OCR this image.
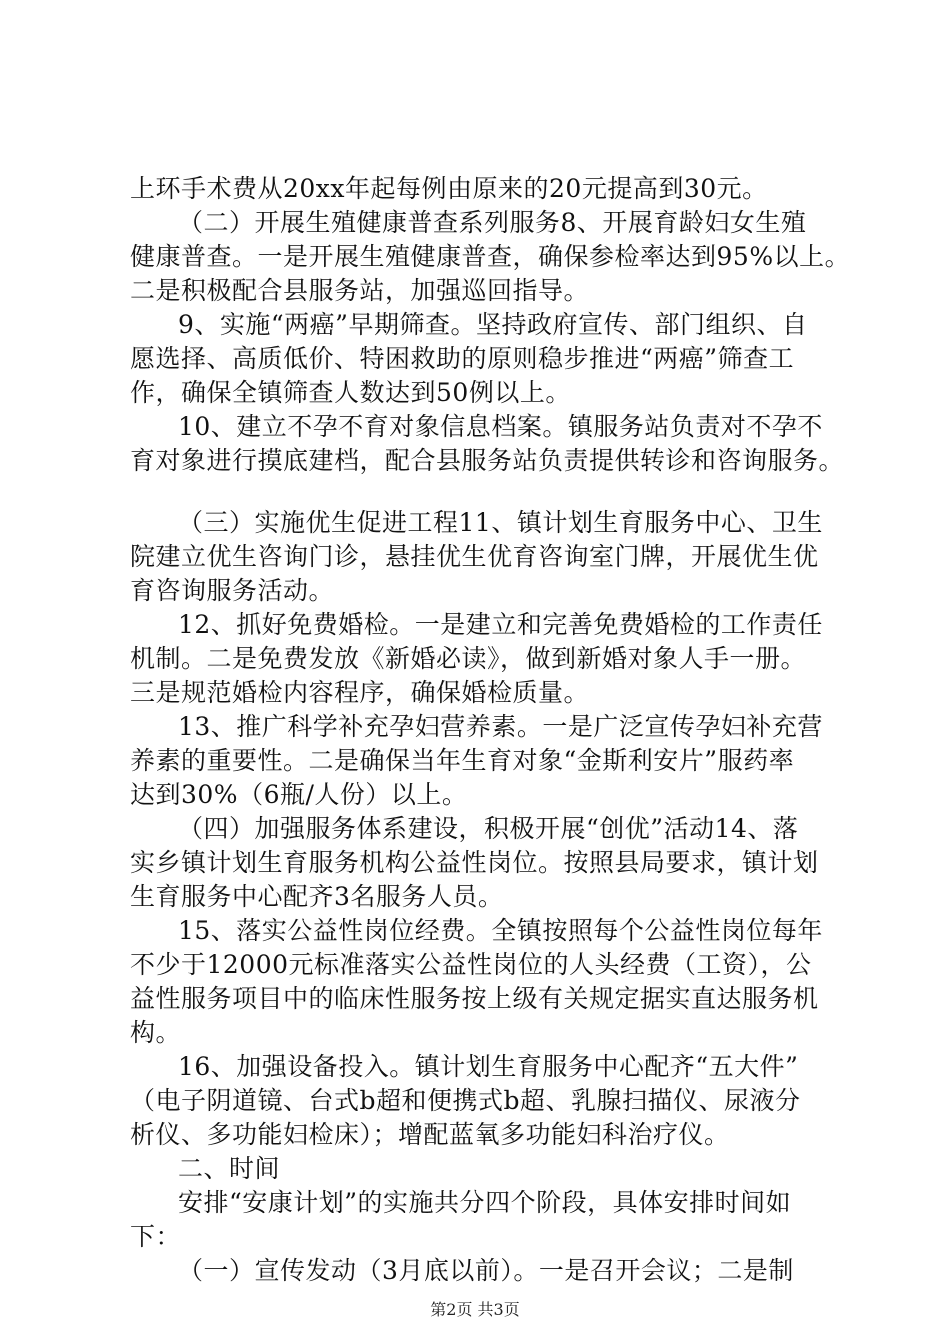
上环手术费从20xx年起每例由原来的20元提高到30元。
（二）开展生殖健康普查系列服务8、开展育龄妇女生殖
健康普查。一是开展生殖健康普查，确保参检率达到95%以上。
二是积极配合县服务站，加强巡回指导。
9、实施“两癌”早期筛查。坚持政府宣传、部门组织、自
愿选择、高质低价、特困救助的原则稳步推进“两癌”筛查工
作，确保全镇筛查人数达到50例以上。
10、建立不孕不育对象信息档案。镇服务站负责对不孕不
育对象进行摸底建档，配合县服务站负责提供转诊和咨询服务。
（三）实施优生促进工程11、镇计划生育服务中心、卫生
院建立优生咨询门诊，悬挂优生优育咨询室门牌，开展优生优
育咨询服务活动。
12、抓好免费婚检。一是建立和完善免费婚检的工作责任
机制。二是免费发放《新婚必读》，做到新婚对象人手一册。
三是规范婚检内容程序，确保婚检质量。
13、推广科学补充孕妇营养素。一是广泛宣传孕妇补充营
养素的重要性。二是确保当年生育对象“金斯利安片”服药率
达到30%（6瓶/人份）以上。
（四）加强服务体系建设，积极开展“创优”活动14、落
实乡镇计划生育服务机构公益性岗位。按照县局要求，镇计划
生育服务中心配齐3名服务人员。
15、落实公益性岗位经费。全镇按照每个公益性岗位每年
不少于12000元标准落实公益性岗位的人头经费（工资），公
益性服务项目中的临床性服务按上级有关规定据实直达服务机
构。
16、加强设备投入。镇计划生育服务中心配齐“五大件”
（电子阴道镜、台式b超和便携式b超、乳腺扫描仪、尿液分
析仪、多功能妇检床）；增配蓝氧多功能妇科治疗仪。
二、时间
安排“安康计划”的实施共分四个阶段，具体安排时间如
下：
（一）宣传发动（3月底以前）。一是召开会议；二是制
第2页 共3页
